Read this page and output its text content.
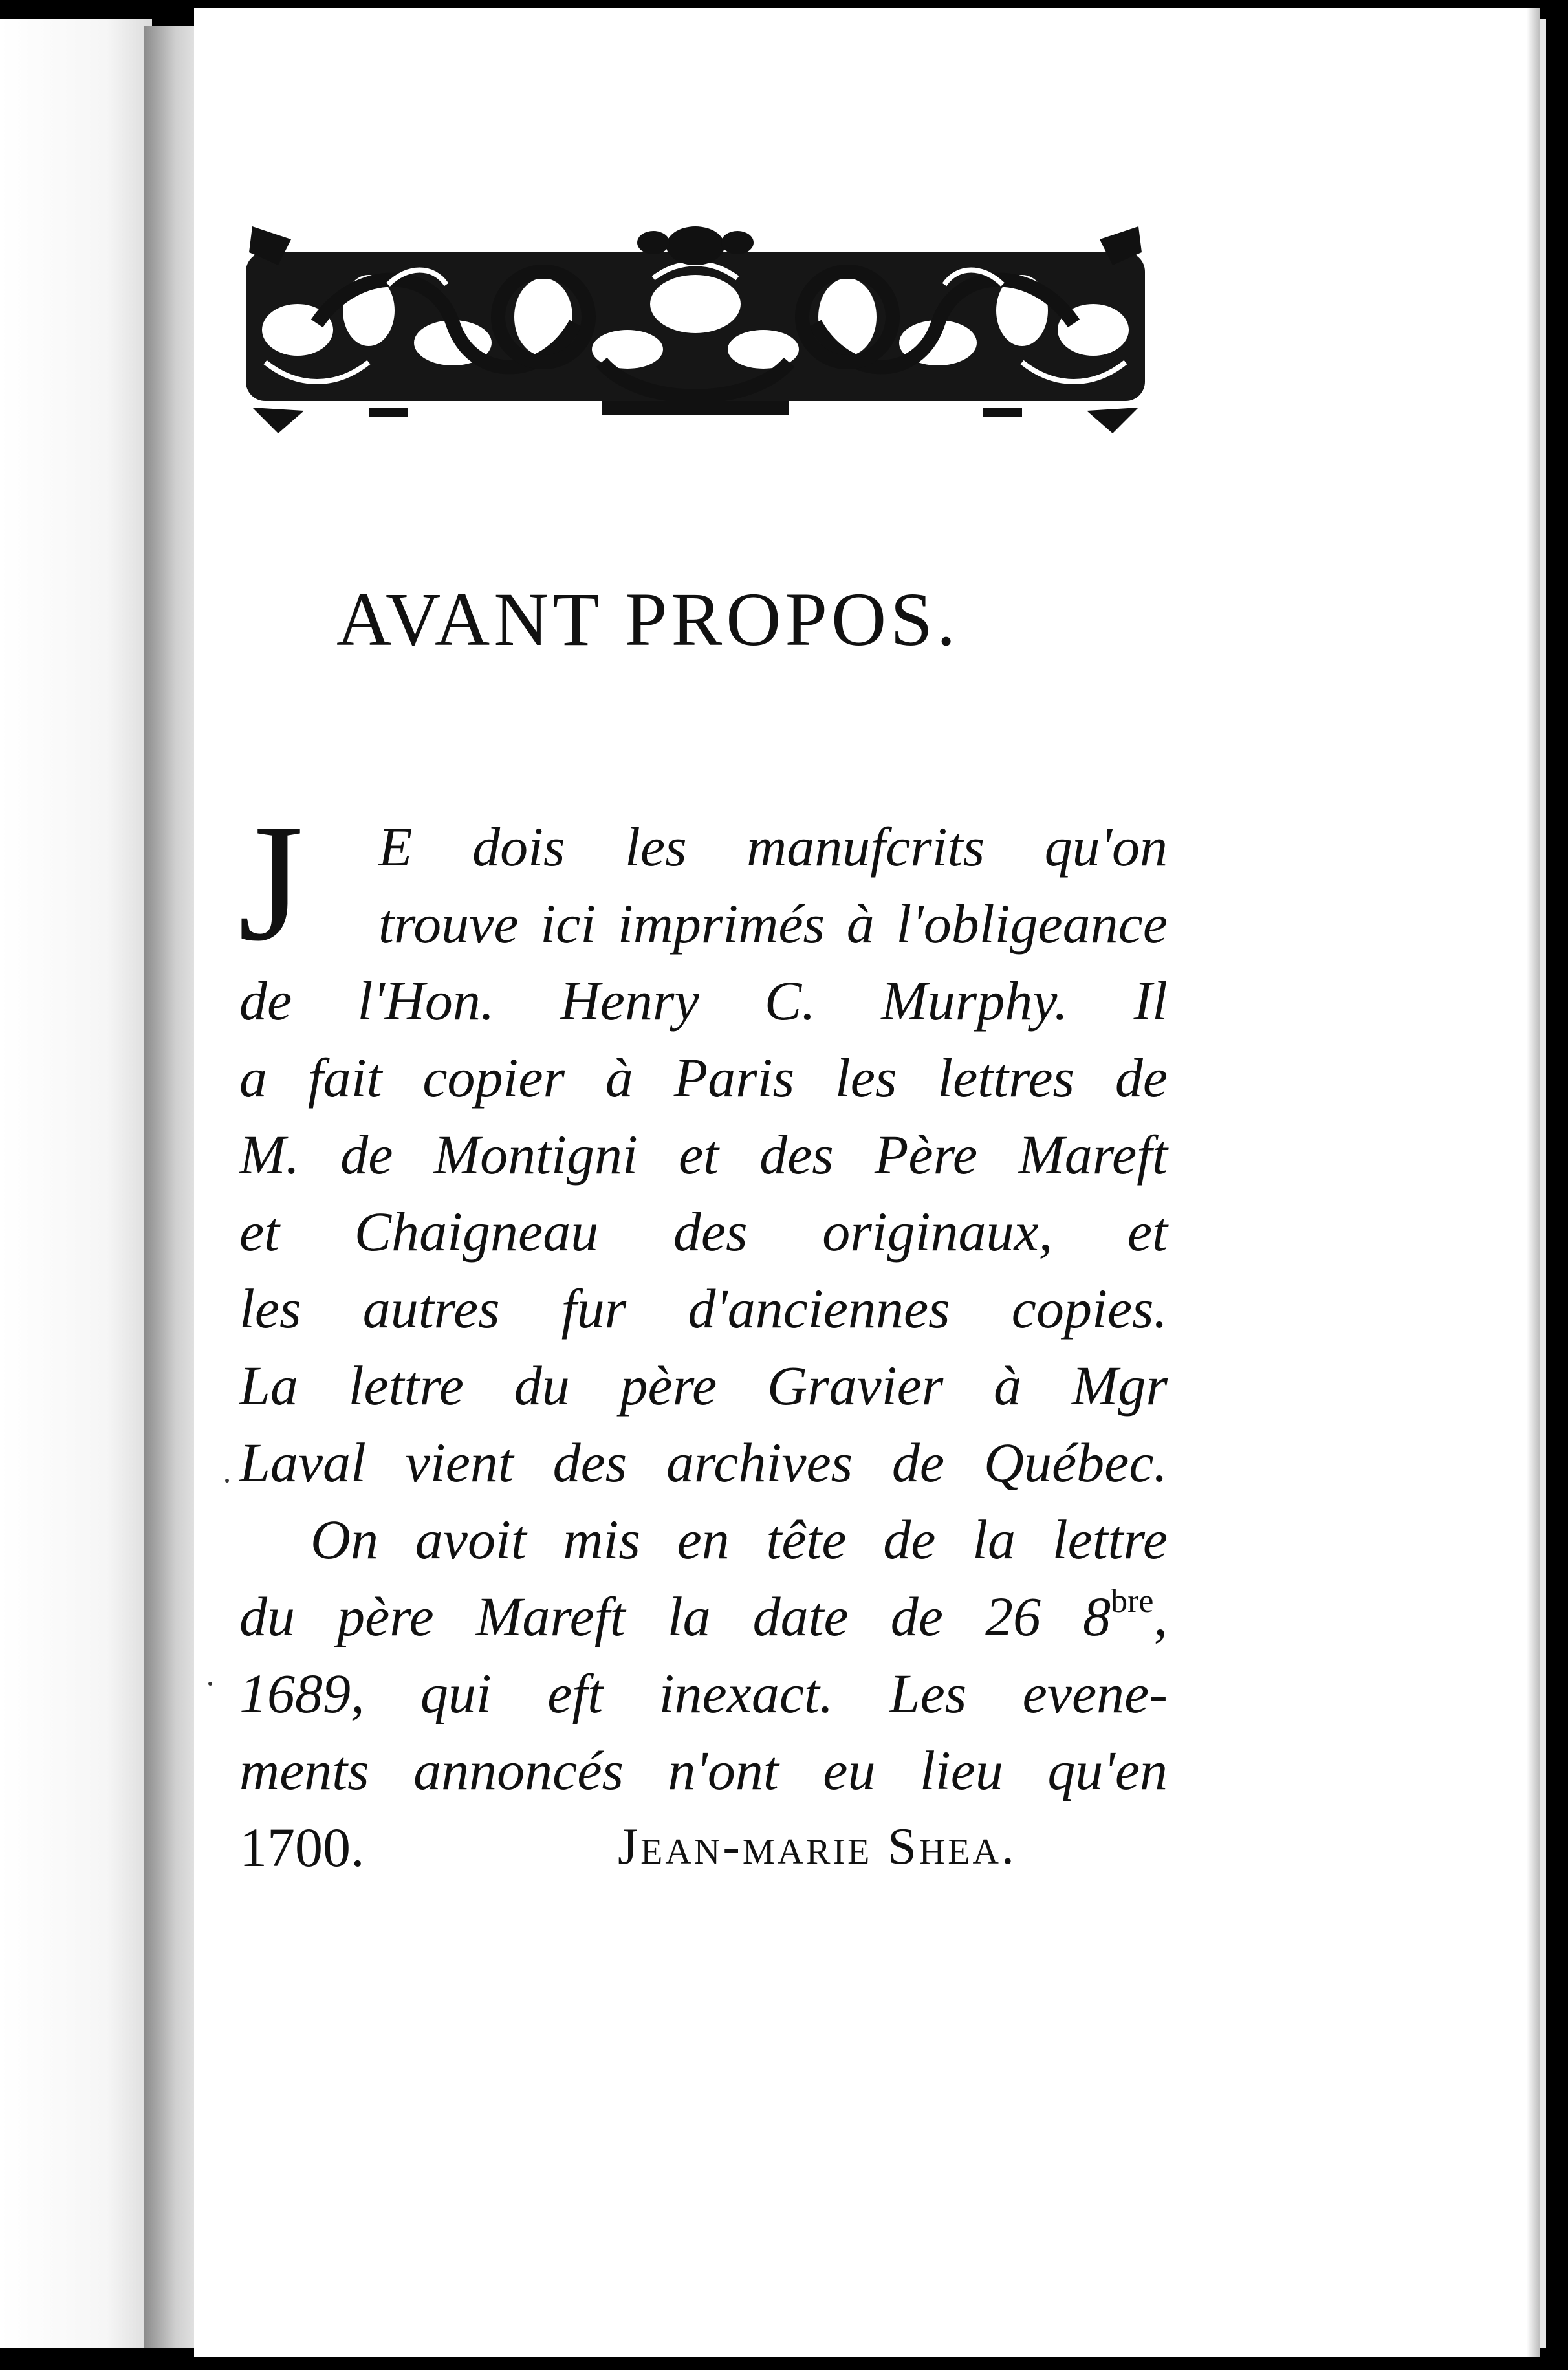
AVANT PROPOS.
J	E dois les manufcrits qu'on
trouve ici imprimés à l'obligeance
de l'Hon. Henry C. Murphy. Il
a fait copier à Paris les lettres de
M. de Montigni et des Père Mareft
et Chaigneau des originaux, et
les autres fur d'anciennes copies.
La lettre du père Gravier à Mgr
Laval vient des archives de Québec.
On avoit mis en tête de la lettre
du père Mareft la date de 26 $8^{bre}$,
1689, qui eft inexact. Les evene-
ments annoncés n'ont eu lieu qu'en
1700.	Jean-marie Shea.
